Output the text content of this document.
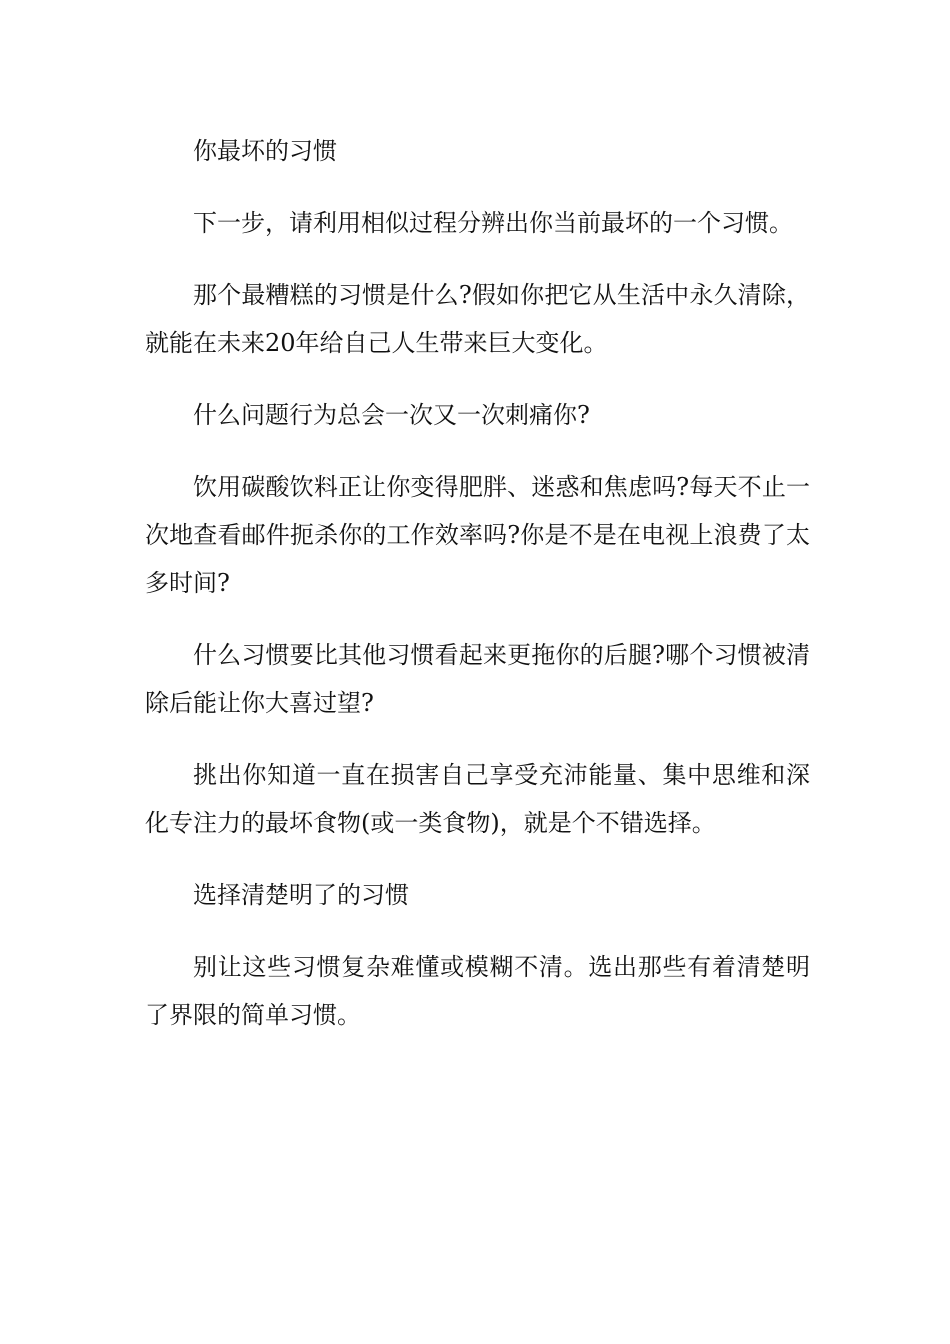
你最坏的习惯

下一步，请利用相似过程分辨出你当前最坏的一个习惯。

那个最糟糕的习惯是什么?假如你把它从生活中永久清除，就能在未来20年给自己人生带来巨大变化。

什么问题行为总会一次又一次刺痛你?

饮用碳酸饮料正让你变得肥胖、迷惑和焦虑吗?每天不止一次地查看邮件扼杀你的工作效率吗?你是不是在电视上浪费了太多时间?

什么习惯要比其他习惯看起来更拖你的后腿?哪个习惯被清除后能让你大喜过望?

挑出你知道一直在损害自己享受充沛能量、集中思维和深化专注力的最坏食物(或一类食物)，就是个不错选择。

选择清楚明了的习惯

别让这些习惯复杂难懂或模糊不清。选出那些有着清楚明了界限的简单习惯。
